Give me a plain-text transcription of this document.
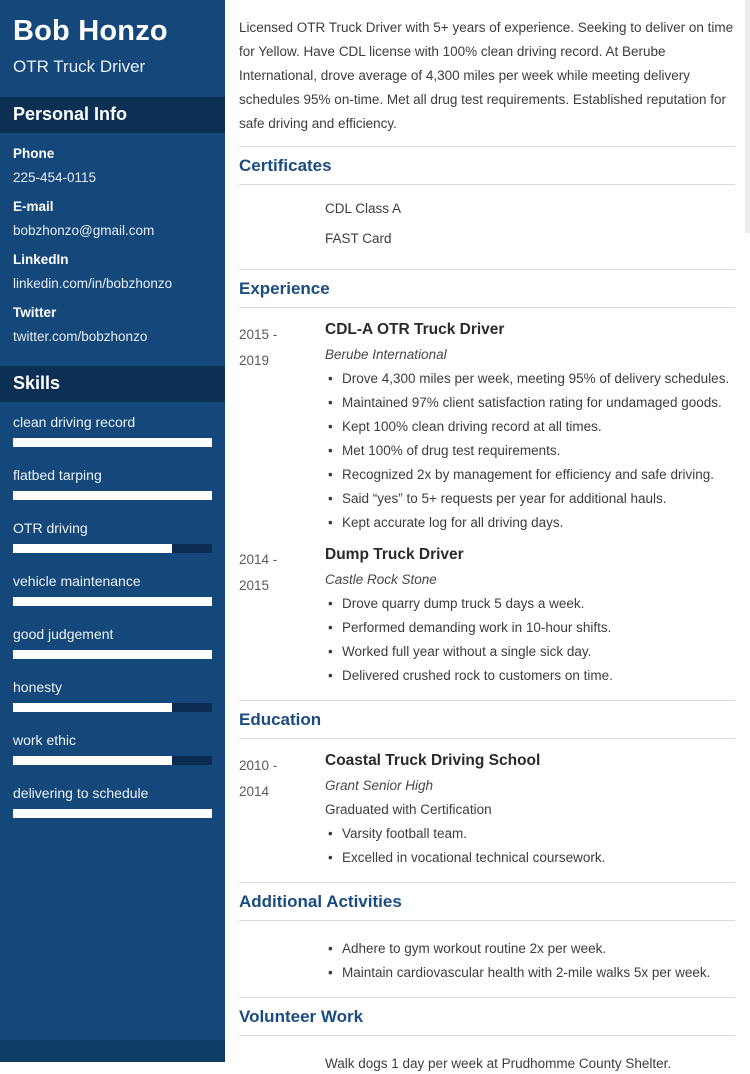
Bob Honzo
OTR Truck Driver
Personal Info
Phone
225-454-0115
E-mail
bobzhonzo@gmail.com
LinkedIn
linkedin.com/in/bobzhonzo
Twitter
twitter.com/bobzhonzo
Skills
clean driving record
flatbed tarping
OTR driving
vehicle maintenance
good judgement
honesty
work ethic
delivering to schedule

Licensed OTR Truck Driver with 5+ years of experience. Seeking to deliver on time for Yellow. Have CDL license with 100% clean driving record. At Berube International, drove average of 4,300 miles per week while meeting delivery schedules 95% on-time. Met all drug test requirements. Established reputation for safe driving and efficiency.

Certificates
CDL Class A
FAST Card
Experience
2015 -
2019
CDL-A OTR Truck Driver
Berube International
• Drove 4,300 miles per week, meeting 95% of delivery schedules.
• Maintained 97% client satisfaction rating for undamaged goods.
• Kept 100% clean driving record at all times.
• Met 100% of drug test requirements.
• Recognized 2x by management for efficiency and safe driving.
• Said “yes” to 5+ requests per year for additional hauls.
• Kept accurate log for all driving days.
2014 -
2015
Dump Truck Driver
Castle Rock Stone
• Drove quarry dump truck 5 days a week.
• Performed demanding work in 10-hour shifts.
• Worked full year without a single sick day.
• Delivered crushed rock to customers on time.
Education
2010 -
2014
Coastal Truck Driving School
Grant Senior High
Graduated with Certification
• Varsity football team.
• Excelled in vocational technical coursework.
Additional Activities
• Adhere to gym workout routine 2x per week.
• Maintain cardiovascular health with 2-mile walks 5x per week.
Volunteer Work
Walk dogs 1 day per week at Prudhomme County Shelter.
